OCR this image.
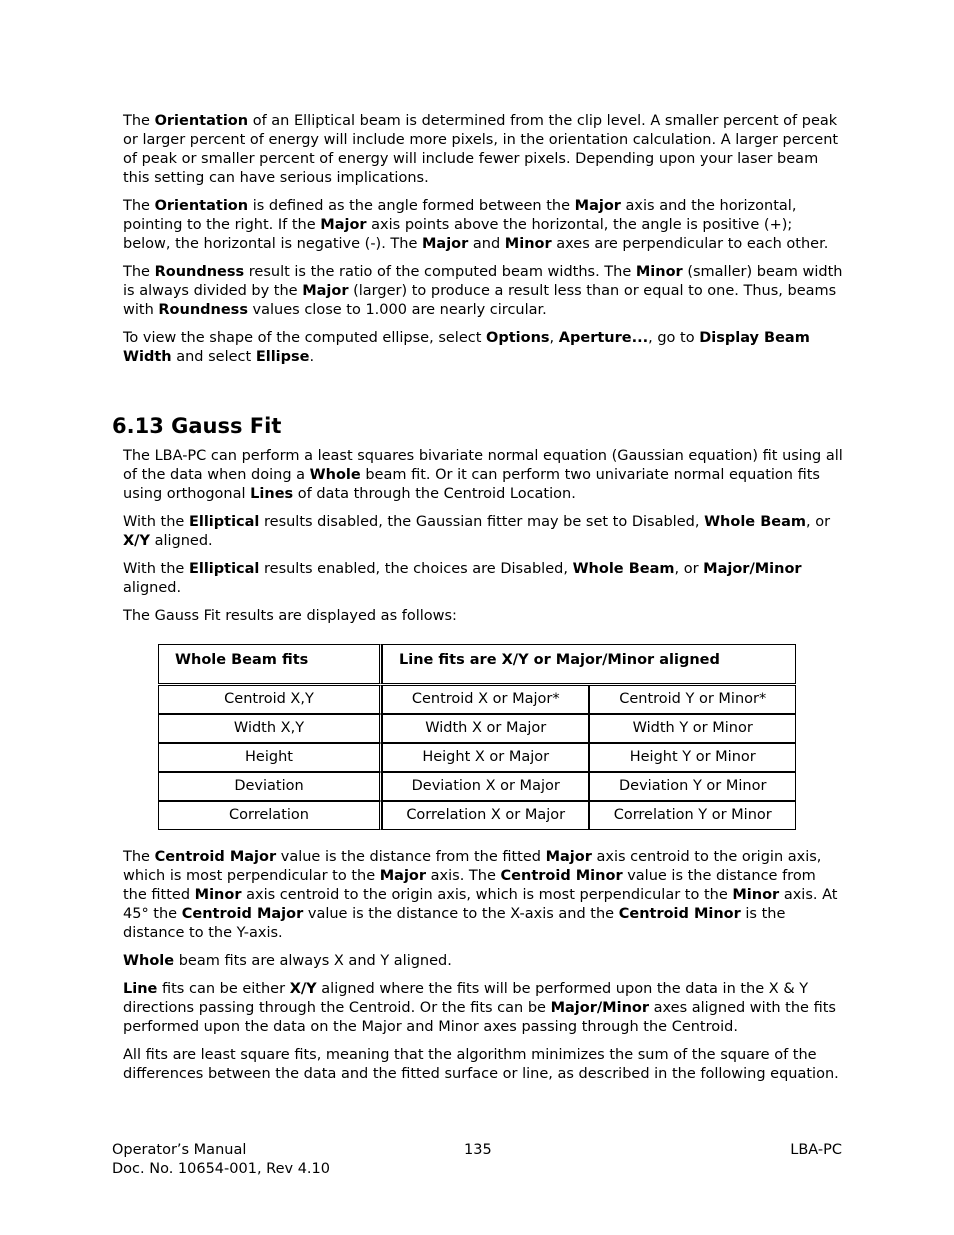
The Orientation of an Elliptical beam is determined from the clip level. A smaller percent of peak or larger percent of energy will include more pixels, in the orientation calculation. A larger percent of peak or smaller percent of energy will include fewer pixels. Depending upon your laser beam this setting can have serious implications.

The Orientation is defined as the angle formed between the Major axis and the horizontal, pointing to the right. If the Major axis points above the horizontal, the angle is positive (+); below, the horizontal is negative (-). The Major and Minor axes are perpendicular to each other.

The Roundness result is the ratio of the computed beam widths. The Minor (smaller) beam width is always divided by the Major (larger) to produce a result less than or equal to one. Thus, beams with Roundness values close to 1.000 are nearly circular.

To view the shape of the computed ellipse, select Options, Aperture..., go to Display Beam Width and select Ellipse.

6.13 Gauss Fit

The LBA-PC can perform a least squares bivariate normal equation (Gaussian equation) fit using all of the data when doing a Whole beam fit. Or it can perform two univariate normal equation fits using orthogonal Lines of data through the Centroid Location.

With the Elliptical results disabled, the Gaussian fitter may be set to Disabled, Whole Beam, or X/Y aligned.

With the Elliptical results enabled, the choices are Disabled, Whole Beam, or Major/Minor aligned.

The Gauss Fit results are displayed as follows:

Whole Beam fits	Line fits are X/Y or Major/Minor aligned	

Centroid X,Y	Centroid X or Major*	Centroid Y or Minor*
Width X,Y	Width X or Major	Width Y or Minor
Height	Height X or Major	Height Y or Minor
Deviation	Deviation X or Major	Deviation Y or Minor
Correlation	Correlation X or Major	Correlation Y or Minor

The Centroid Major value is the distance from the fitted Major axis centroid to the origin axis, which is most perpendicular to the Major axis. The Centroid Minor value is the distance from the fitted Minor axis centroid to the origin axis, which is most perpendicular to the Minor axis. At 45° the Centroid Major value is the distance to the X-axis and the Centroid Minor is the distance to the Y-axis.

Whole beam fits are always X and Y aligned.

Line fits can be either X/Y aligned where the fits will be performed upon the data in the X & Y directions passing through the Centroid. Or the fits can be Major/Minor axes aligned with the fits performed upon the data on the Major and Minor axes passing through the Centroid.

All fits are least square fits, meaning that the algorithm minimizes the sum of the square of the differences between the data and the fitted surface or line, as described in the following equation.

Operator’s Manual
Doc. No. 10654-001, Rev 4.10
135	LBA-PC
